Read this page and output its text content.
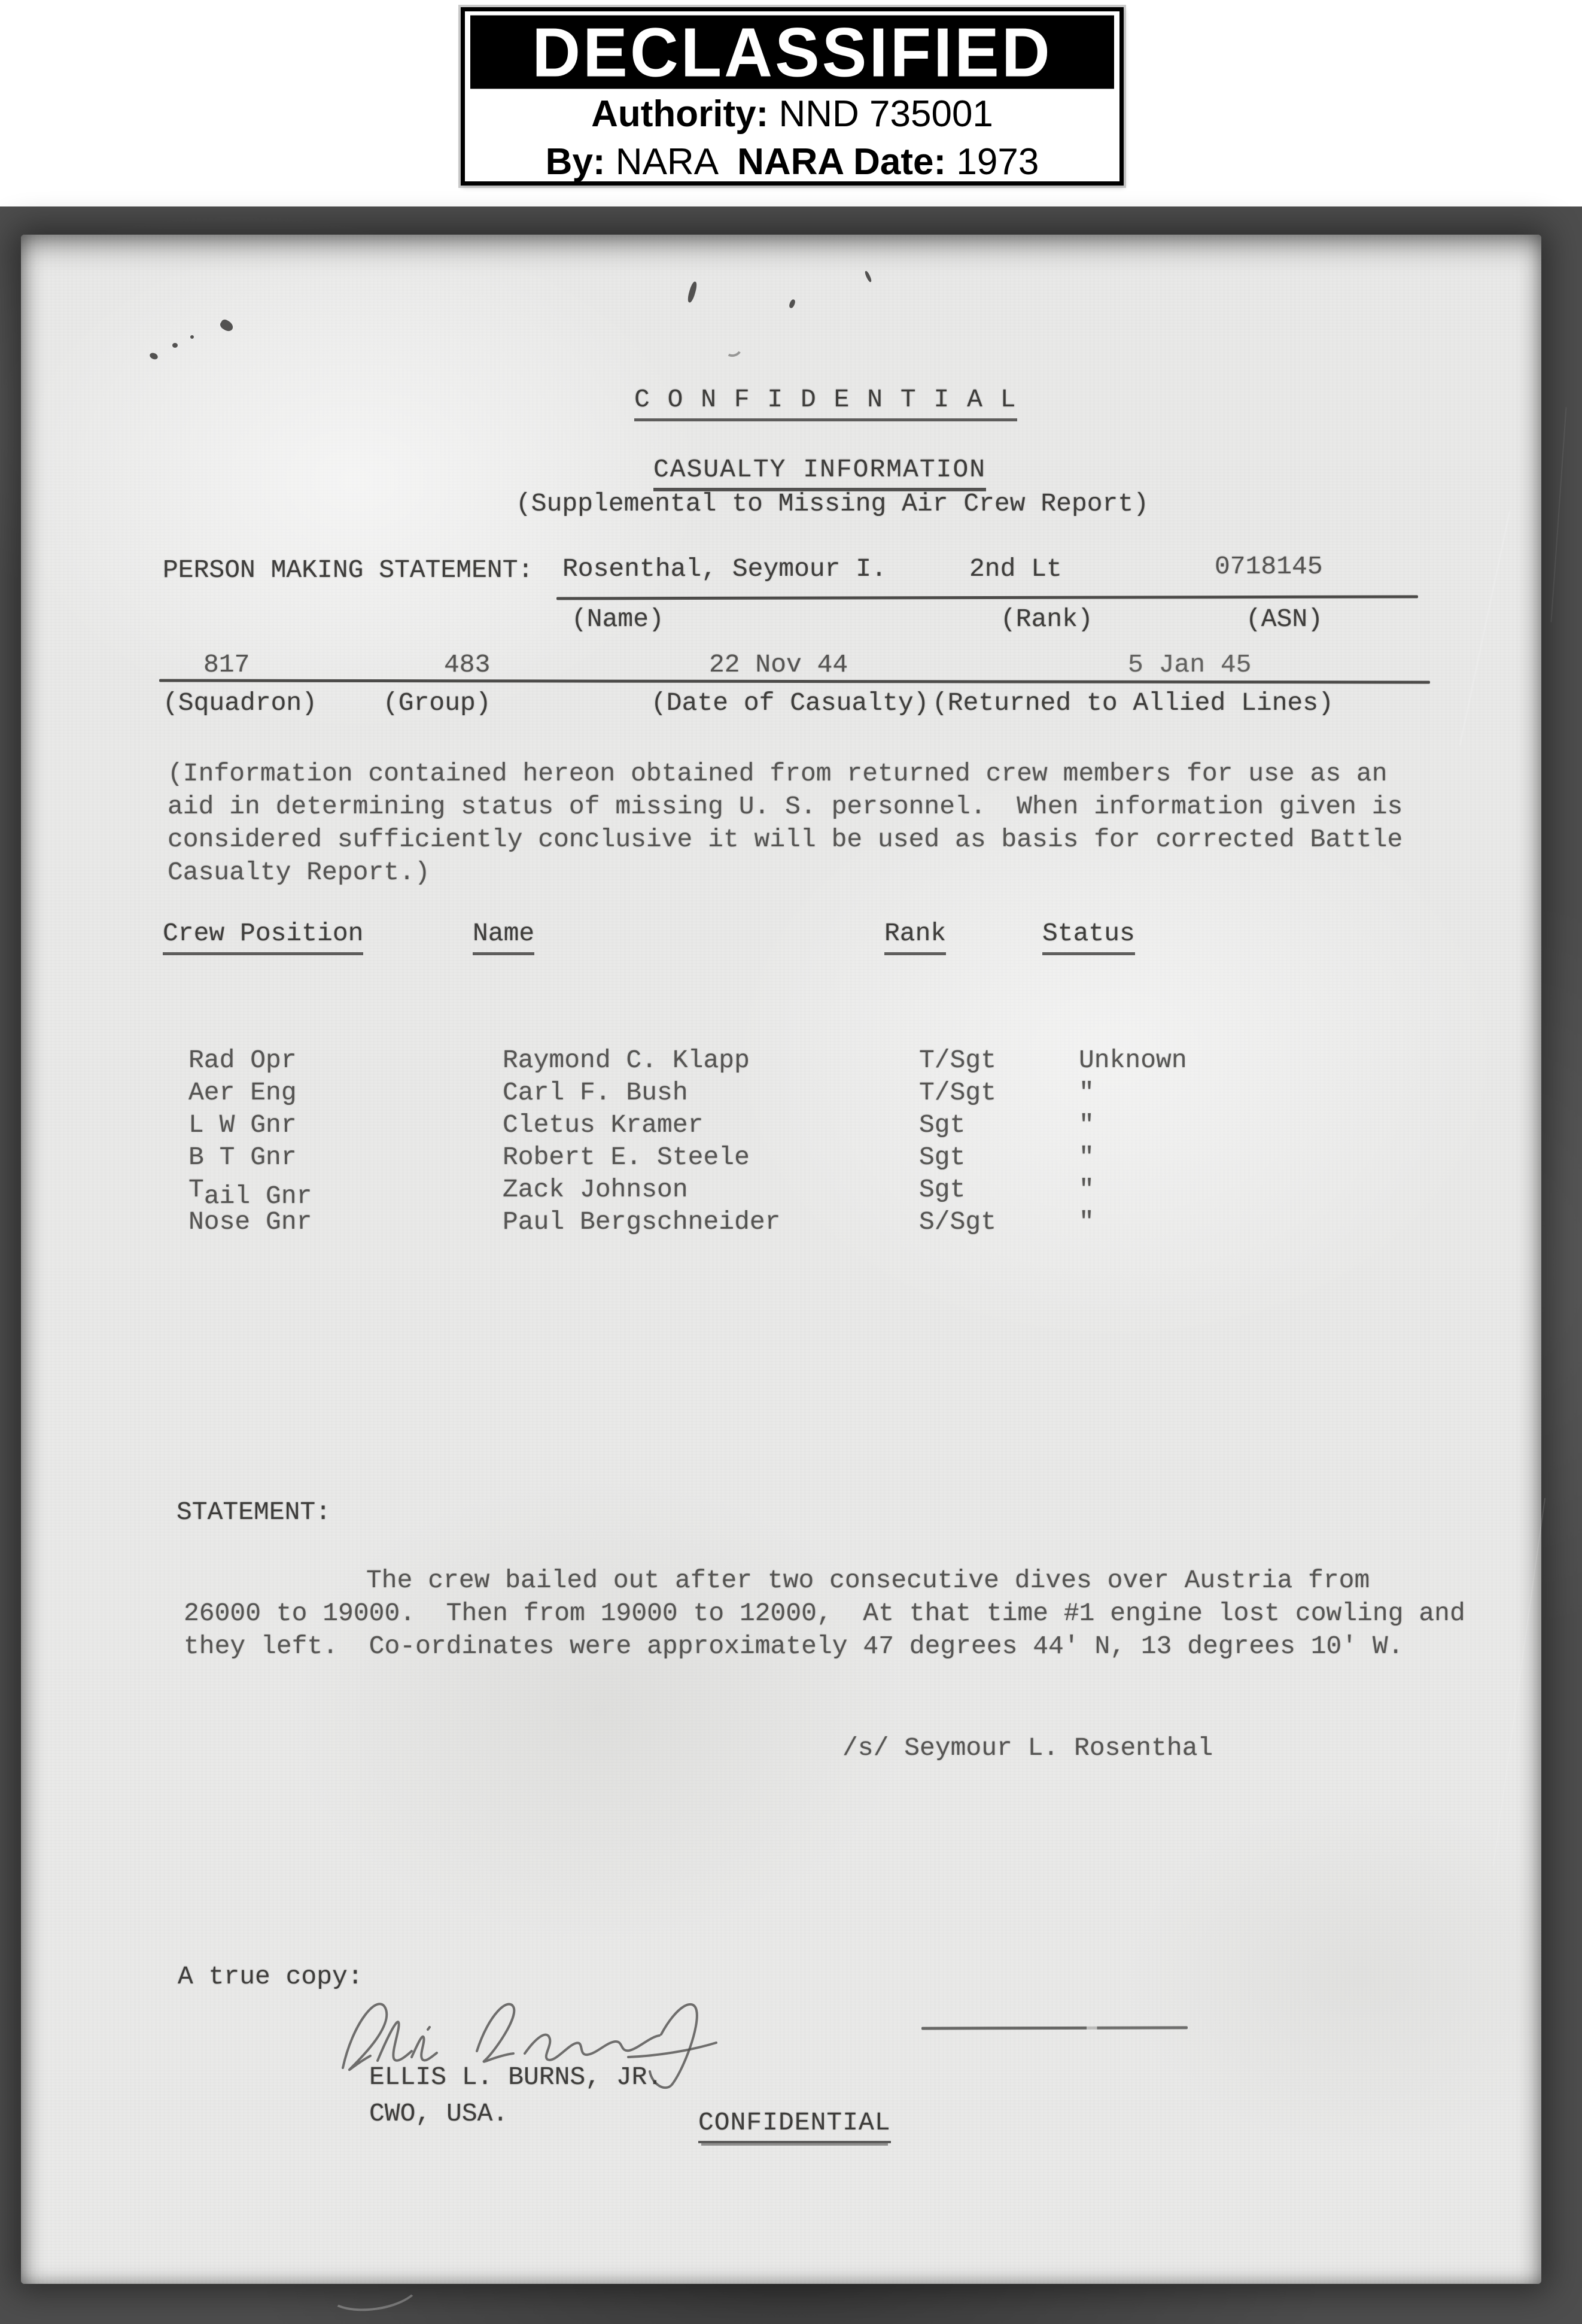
DECLASSIFIED
Authority: NND 735001
By: NARA  NARA Date: 1973
C O N F I D E N T I A L
CASUALTY INFORMATION
(Supplemental to Missing Air Crew Report)
PERSON MAKING STATEMENT: Rosenthal, Seymour I.	2nd Lt	0718145
(Name)	(Rank)	(ASN)
817	483	22 Nov 44	5 Jan 45
(Squadron)	(Group)	(Date of Casualty) (Returned to Allied Lines)
(Information contained hereon obtained from returned crew members for use as an
aid in determining status of missing U. S. personnel.  When information given is
considered sufficiently conclusive it will be used as basis for corrected Battle
Casualty Report.)
Crew Position	Name	Rank	Status

Rad Opr	Raymond C. Klapp	T/Sgt	Unknown

Aer Eng	Carl F. Bush	T/Sgt	"

L W Gnr	Cletus Kramer	Sgt	"

B T Gnr	Robert E. Steele	Sgt	"

Tail Gnr	Zack Johnson	Sgt	"

Nose Gnr	Paul Bergschneider	S/Sgt	"

STATEMENT:
The crew bailed out after two consecutive dives over Austria from
26000 to 19000.  Then from 19000 to 12000,  At that time #1 engine lost cowling and
they left.  Co-ordinates were approximately 47 degrees 44' N, 13 degrees 10' W.
/s/ Seymour L. Rosenthal
A true copy:
ELLIS L. BURNS, JR.
CWO, USA.	CONFIDENTIAL
